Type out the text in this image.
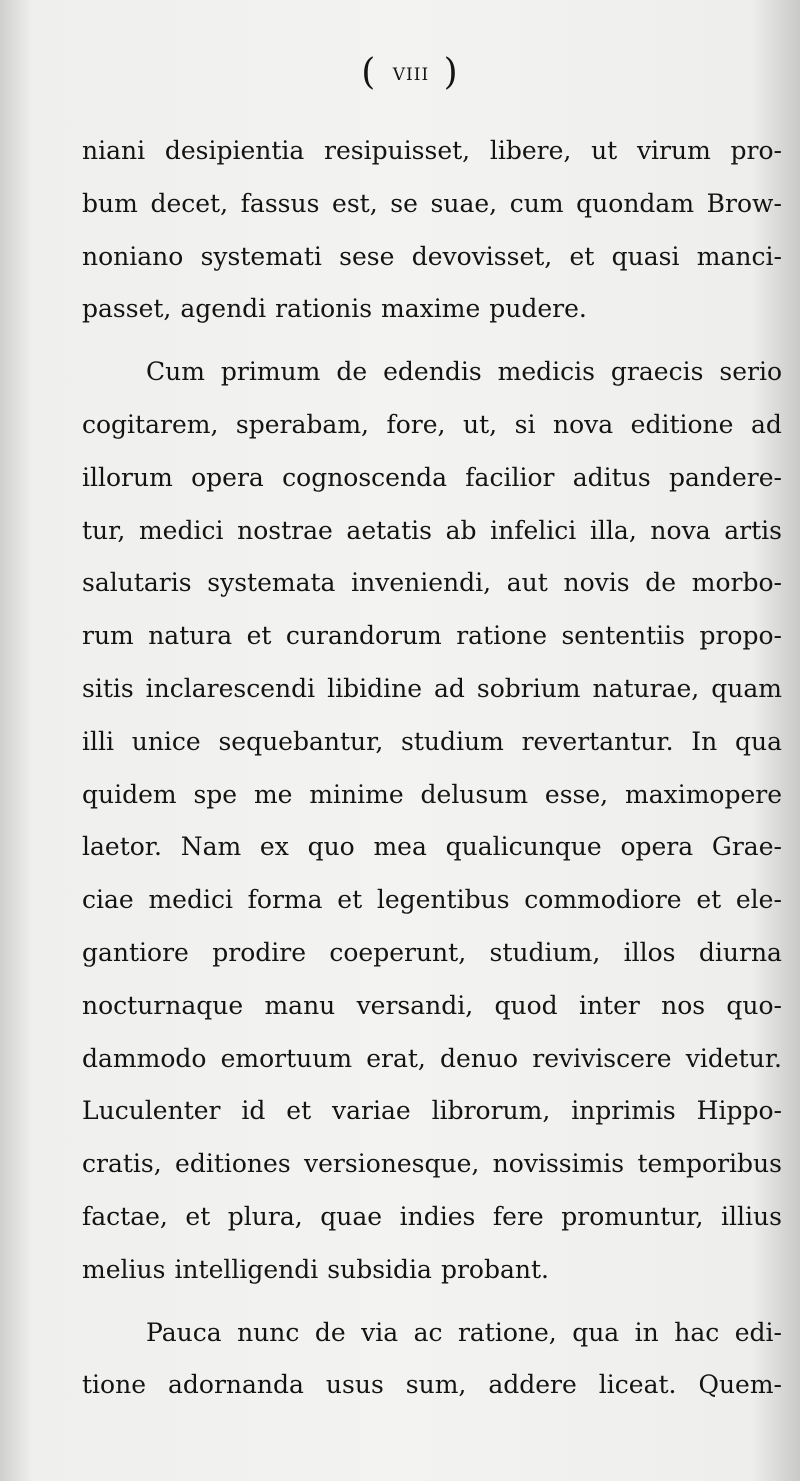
( viii )
niani desipientia resipuisset, libere, ut virum pro-
bum decet, fassus est, se suae, cum quondam Brow-
noniano systemati sese devovisset, et quasi manci-
passet, agendi rationis maxime pudere.
Cum primum de edendis medicis graecis serio
cogitarem, sperabam, fore, ut, si nova editione ad
illorum opera cognoscenda facilior aditus pandere-
tur, medici nostrae aetatis ab infelici illa, nova artis
salutaris systemata inveniendi, aut novis de morbo-
rum natura et curandorum ratione sententiis propo-
sitis inclarescendi libidine ad sobrium naturae, quam
illi unice sequebantur, studium revertantur. In qua
quidem spe me minime delusum esse, maximopere
laetor. Nam ex quo mea qualicunque opera Grae-
ciae medici forma et legentibus commodiore et ele-
gantiore prodire coeperunt, studium, illos diurna
nocturnaque manu versandi, quod inter nos quo-
dammodo emortuum erat, denuo reviviscere videtur.
Luculenter id et variae librorum, inprimis Hippo-
cratis, editiones versionesque, novissimis temporibus
factae, et plura, quae indies fere promuntur, illius
melius intelligendi subsidia probant.
Pauca nunc de via ac ratione, qua in hac edi-
tione adornanda usus sum, addere liceat. Quem-
